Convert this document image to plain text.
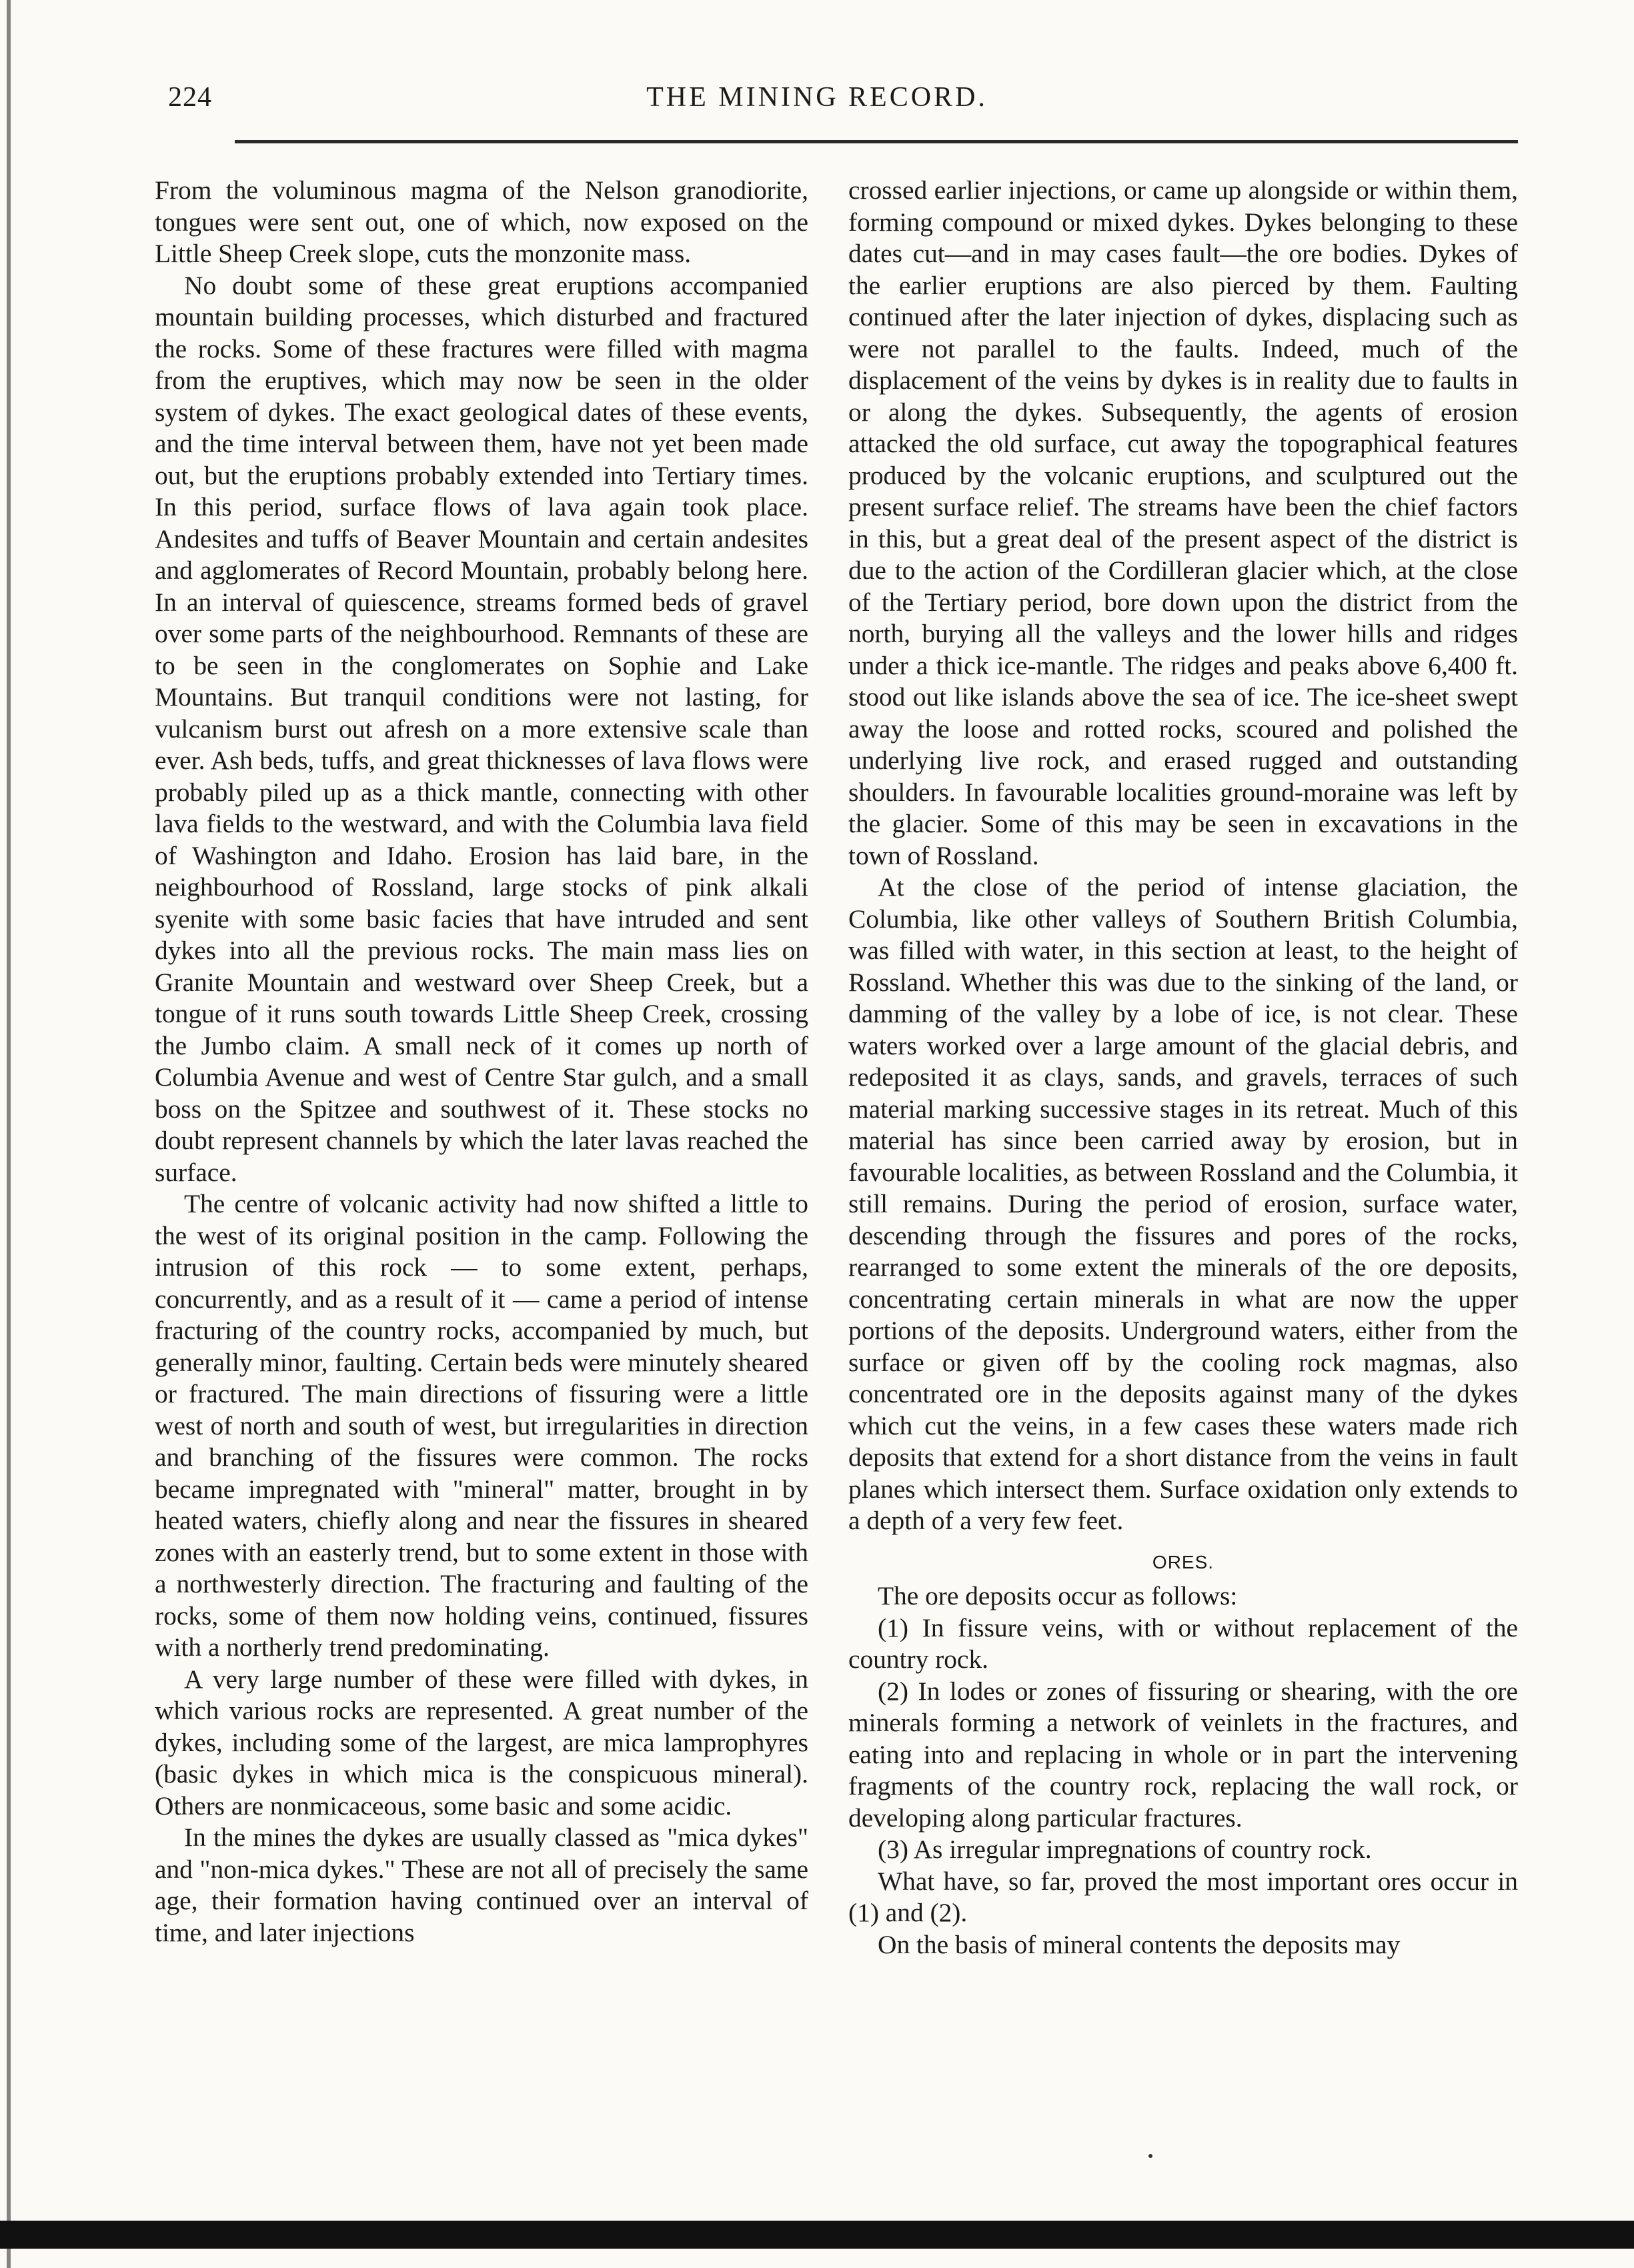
224	THE MINING RECORD.

From the voluminous magma of the Nelson granodiorite, tongues were sent out, one of which, now exposed on the Little Sheep Creek slope, cuts the monzonite mass.

No doubt some of these great eruptions accompanied mountain building processes, which disturbed and fractured the rocks. Some of these fractures were filled with magma from the eruptives, which may now be seen in the older system of dykes. The exact geological dates of these events, and the time interval between them, have not yet been made out, but the eruptions probably extended into Tertiary times. In this period, surface flows of lava again took place. Andesites and tuffs of Beaver Mountain and certain andesites and agglomerates of Record Mountain, probably belong here. In an interval of quiescence, streams formed beds of gravel over some parts of the neighbourhood. Remnants of these are to be seen in the conglomerates on Sophie and Lake Mountains. But tranquil conditions were not lasting, for vulcanism burst out afresh on a more extensive scale than ever. Ash beds, tuffs, and great thicknesses of lava flows were probably piled up as a thick mantle, connecting with other lava fields to the westward, and with the Columbia lava field of Washington and Idaho. Erosion has laid bare, in the neighbourhood of Rossland, large stocks of pink alkali syenite with some basic facies that have intruded and sent dykes into all the previous rocks. The main mass lies on Granite Mountain and westward over Sheep Creek, but a tongue of it runs south towards Little Sheep Creek, crossing the Jumbo claim. A small neck of it comes up north of Columbia Avenue and west of Centre Star gulch, and a small boss on the Spitzee and southwest of it. These stocks no doubt represent channels by which the later lavas reached the surface.

The centre of volcanic activity had now shifted a little to the west of its original position in the camp. Following the intrusion of this rock — to some extent, perhaps, concurrently, and as a result of it — came a period of intense fracturing of the country rocks, accompanied by much, but generally minor, faulting. Certain beds were minutely sheared or fractured. The main directions of fissuring were a little west of north and south of west, but irregularities in direction and branching of the fissures were common. The rocks became impregnated with "mineral" matter, brought in by heated waters, chiefly along and near the fissures in sheared zones with an easterly trend, but to some extent in those with a northwesterly direction. The fracturing and faulting of the rocks, some of them now holding veins, continued, fissures with a northerly trend predominating.

A very large number of these were filled with dykes, in which various rocks are represented. A great number of the dykes, including some of the largest, are mica lamprophyres (basic dykes in which mica is the conspicuous mineral). Others are nonmicaceous, some basic and some acidic.

In the mines the dykes are usually classed as "mica dykes" and "non-mica dykes." These are not all of precisely the same age, their formation having continued over an interval of time, and later injections

crossed earlier injections, or came up alongside or within them, forming compound or mixed dykes. Dykes belonging to these dates cut—and in may cases fault—the ore bodies. Dykes of the earlier eruptions are also pierced by them. Faulting continued after the later injection of dykes, displacing such as were not parallel to the faults. Indeed, much of the displacement of the veins by dykes is in reality due to faults in or along the dykes. Subsequently, the agents of erosion attacked the old surface, cut away the topographical features produced by the volcanic eruptions, and sculptured out the present surface relief. The streams have been the chief factors in this, but a great deal of the present aspect of the district is due to the action of the Cordilleran glacier which, at the close of the Tertiary period, bore down upon the district from the north, burying all the valleys and the lower hills and ridges under a thick ice-mantle. The ridges and peaks above 6,400 ft. stood out like islands above the sea of ice. The ice-sheet swept away the loose and rotted rocks, scoured and polished the underlying live rock, and erased rugged and outstanding shoulders. In favourable localities ground-moraine was left by the glacier. Some of this may be seen in excavations in the town of Rossland.

At the close of the period of intense glaciation, the Columbia, like other valleys of Southern British Columbia, was filled with water, in this section at least, to the height of Rossland. Whether this was due to the sinking of the land, or damming of the valley by a lobe of ice, is not clear. These waters worked over a large amount of the glacial debris, and redeposited it as clays, sands, and gravels, terraces of such material marking successive stages in its retreat. Much of this material has since been carried away by erosion, but in favourable localities, as between Rossland and the Columbia, it still remains. During the period of erosion, surface water, descending through the fissures and pores of the rocks, rearranged to some extent the minerals of the ore deposits, concentrating certain minerals in what are now the upper portions of the deposits. Underground waters, either from the surface or given off by the cooling rock magmas, also concentrated ore in the deposits against many of the dykes which cut the veins, in a few cases these waters made rich deposits that extend for a short distance from the veins in fault planes which intersect them. Surface oxidation only extends to a depth of a very few feet.

ORES.

The ore deposits occur as follows:

(1) In fissure veins, with or without replacement of the country rock.

(2) In lodes or zones of fissuring or shearing, with the ore minerals forming a network of veinlets in the fractures, and eating into and replacing in whole or in part the intervening fragments of the country rock, replacing the wall rock, or developing along particular fractures.

(3) As irregular impregnations of country rock.

What have, so far, proved the most important ores occur in (1) and (2).

On the basis of mineral contents the deposits may
